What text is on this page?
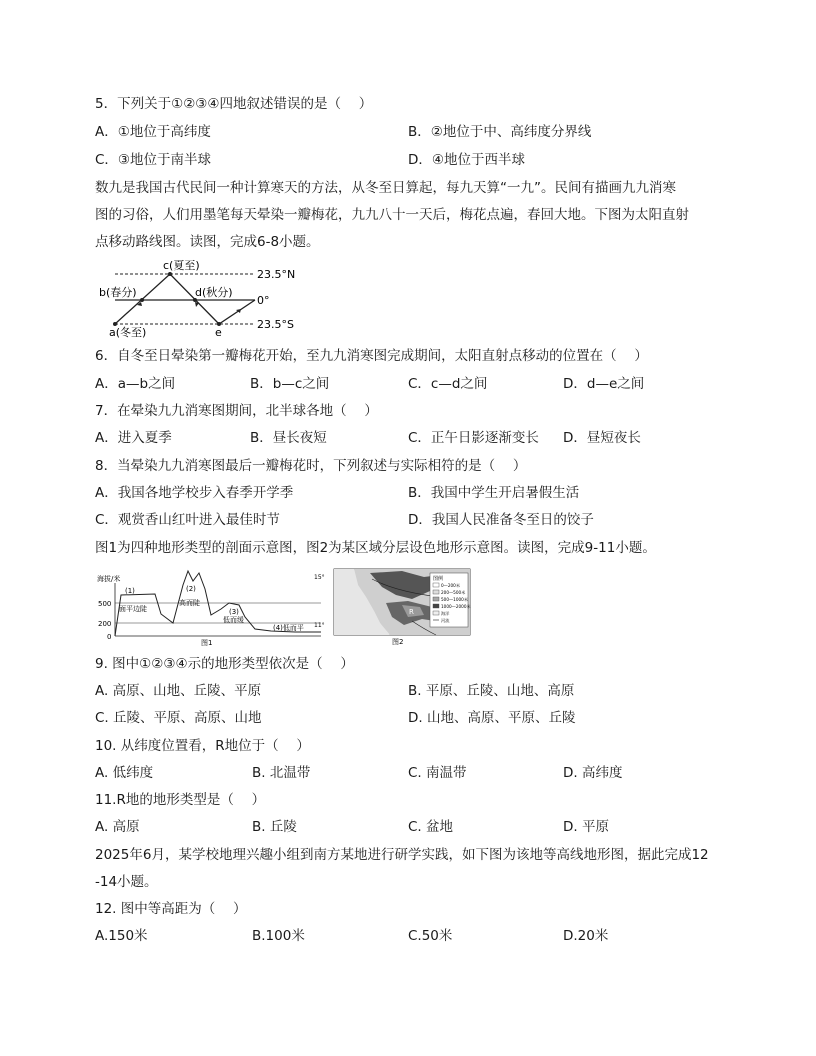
5．下列关于①②③④四地叙述错误的是（　 ）
A．①地位于高纬度	B．②地位于中、高纬度分界线
C．③地位于南半球	D．④地位于西半球
数九是我国古代民间一种计算寒天的方法，从冬至日算起，每九天算“一九”。民间有描画九九消寒
图的习俗，人们用墨笔每天晕染一瓣梅花，九九八十一天后，梅花点遍，春回大地。下图为太阳直射
点移动路线图。读图，完成6-8小题。
c(夏至)
b(春分)	d(秋分)
a(冬至)	e
23.5°N
0°
23.5°S
6．自冬至日晕染第一瓣梅花开始，至九九消寒图完成期间，太阳直射点移动的位置在（　 ）
A．a—b之间	B．b—c之间	C．c—d之间	D．d—e之间
7．在晕染九九消寒图期间，北半球各地（　 ）
A．进入夏季	B．昼长夜短	C．正午日影逐渐变长 D．昼短夜长
8．当晕染九九消寒图最后一瓣梅花时，下列叙述与实际相符的是（　 ）
A．我国各地学校步入春季开学季	B．我国中学生开启暑假生活
C．观赏香山红叶进入最佳时节	D．我国人民准备冬至日的饺子
图1为四种地形类型的剖面示意图，图2为某区域分层设色地形示意图。读图，完成9-11小题。
海拔/米
500
200
0
(1)
面平边陡
(2)
高而陡
(3)
低而缓
(4)低而平
图1
15°
11°
R
图2
图例
0—200米
200—500米
500—1000米
1000—2000米
海洋
河流
9. 图中①②③④示的地形类型依次是（　 ）
A. 高原、山地、丘陵、平原	B. 平原、丘陵、山地、高原
C. 丘陵、平原、高原、山地	D. 山地、高原、平原、丘陵
10. 从纬度位置看，R地位于（　 ）
A. 低纬度	B. 北温带	C. 南温带	D. 高纬度
11.R地的地形类型是（　 ）
A. 高原	B. 丘陵	C. 盆地	D. 平原
2025年6月，某学校地理兴趣小组到南方某地进行研学实践，如下图为该地等高线地形图，据此完成12
-14小题。
12. 图中等高距为（　 ）
A.150米	B.100米	C.50米	D.20米
